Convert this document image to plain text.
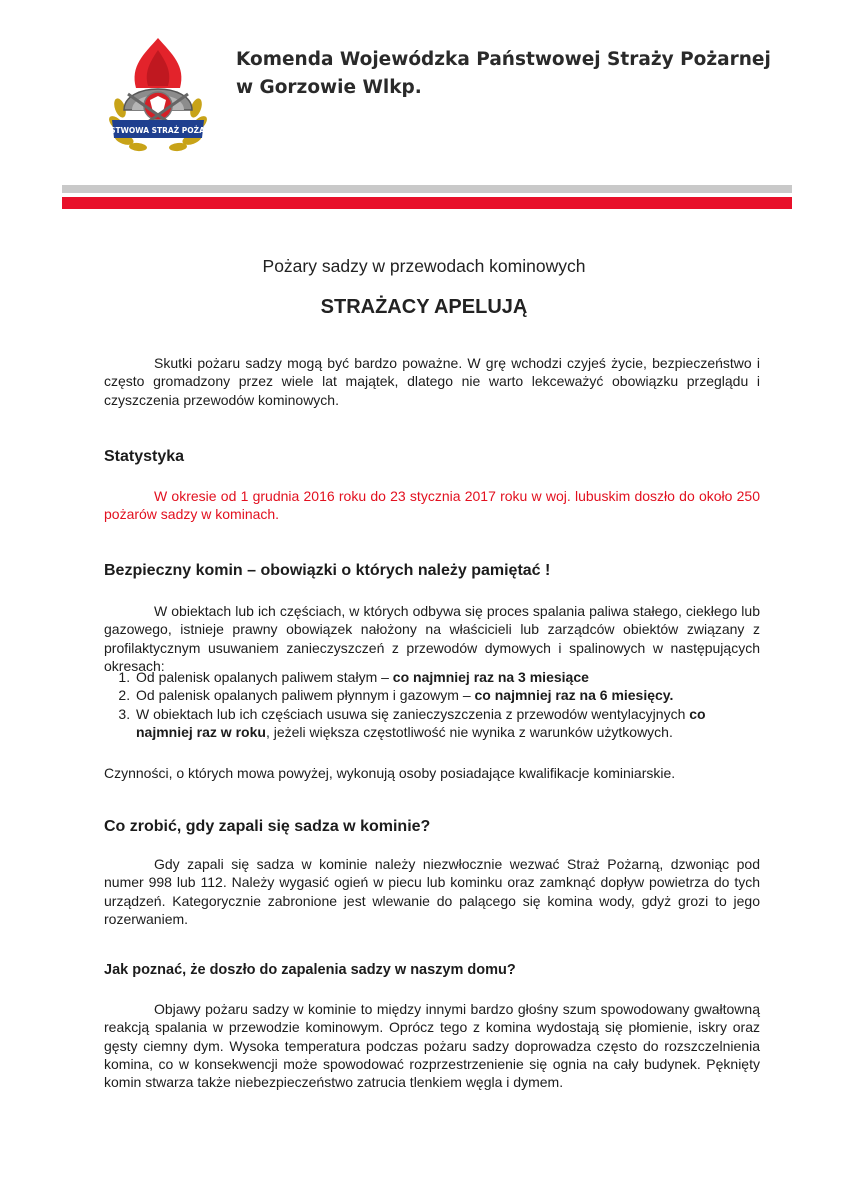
PAŃSTWOWA STRAŻ POŻARNA
Komenda Wojewódzka Państwowej Straży Pożarnej
w Gorzowie Wlkp.
Pożary sadzy w przewodach kominowych
STRAŻACY APELUJĄ
Skutki pożaru sadzy mogą być bardzo poważne. W grę wchodzi czyjeś życie, bezpieczeństwo i często gromadzony przez wiele lat majątek, dlatego nie warto lekceważyć obowiązku przeglądu i czyszczenia przewodów kominowych.
Statystyka
W okresie od 1 grudnia 2016 roku do 23 stycznia 2017 roku w woj. lubuskim doszło do około 250 pożarów sadzy w kominach.
Bezpieczny komin – obowiązki o których należy pamiętać !
W obiektach lub ich częściach, w których odbywa się proces spalania paliwa stałego, ciekłego lub gazowego, istnieje prawny obowiązek nałożony na właścicieli lub zarządców obiektów związany z profilaktycznym usuwaniem zanieczyszczeń z przewodów dymowych i spalinowych w następujących okresach:
1. Od palenisk opalanych paliwem stałym – co najmniej raz na 3 miesiące
2. Od palenisk opalanych paliwem płynnym i gazowym – co najmniej raz na 6 miesięcy.
3. W obiektach lub ich częściach usuwa się zanieczyszczenia z przewodów wentylacyjnych co najmniej raz w roku, jeżeli większa częstotliwość nie wynika z warunków użytkowych.
Czynności, o których mowa powyżej, wykonują osoby posiadające kwalifikacje kominiarskie.
Co zrobić, gdy zapali się sadza w kominie?
Gdy zapali się sadza w kominie należy niezwłocznie wezwać Straż Pożarną, dzwoniąc pod numer 998 lub 112. Należy wygasić ogień w piecu lub kominku oraz zamknąć dopływ powietrza do tych urządzeń. Kategorycznie zabronione jest wlewanie do palącego się komina wody, gdyż grozi to jego rozerwaniem.
Jak poznać, że doszło do zapalenia sadzy w naszym domu?
Objawy pożaru sadzy w kominie to między innymi bardzo głośny szum spowodowany gwałtowną reakcją spalania w przewodzie kominowym. Oprócz tego z komina wydostają się płomienie, iskry oraz gęsty ciemny dym. Wysoka temperatura podczas pożaru sadzy doprowadza często do rozszczelnienia komina, co w konsekwencji może spowodować rozprzestrzenienie się ognia na cały budynek. Pęknięty komin stwarza także niebezpieczeństwo zatrucia tlenkiem węgla i dymem.
